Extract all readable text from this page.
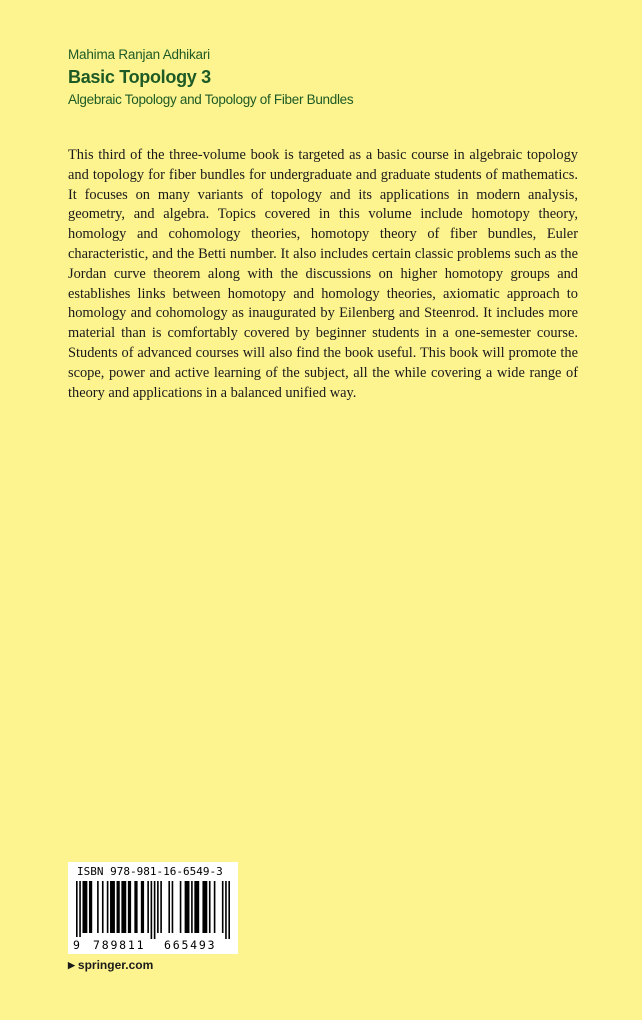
Mahima Ranjan Adhikari
Basic Topology 3
Algebraic Topology and Topology of Fiber Bundles

This third of the three-volume book is targeted as a basic course in algebraic topology and topology for fiber bundles for undergraduate and graduate students of mathematics. It focuses on many variants of topology and its applications in modern analysis, geometry, and algebra. Topics covered in this volume include homotopy theory, homology and cohomology theories, homotopy theory of fiber bundles, Euler characteristic, and the Betti number. It also includes certain classic problems such as the Jordan curve theorem along with the discussions on higher homotopy groups and establishes links between homotopy and homology theories, axiomatic approach to homology and cohomology as inaugurated by Eilenberg and Steenrod. It includes more material than is comfortably covered by beginner students in a one-semester course. Students of advanced courses will also find the book useful. This book will promote the scope, power and active learning of the subject, all the while covering a wide range of theory and applications in a balanced unified way.

ISBN 978-981-16-6549-3
9 789811 665493
▶ springer.com
